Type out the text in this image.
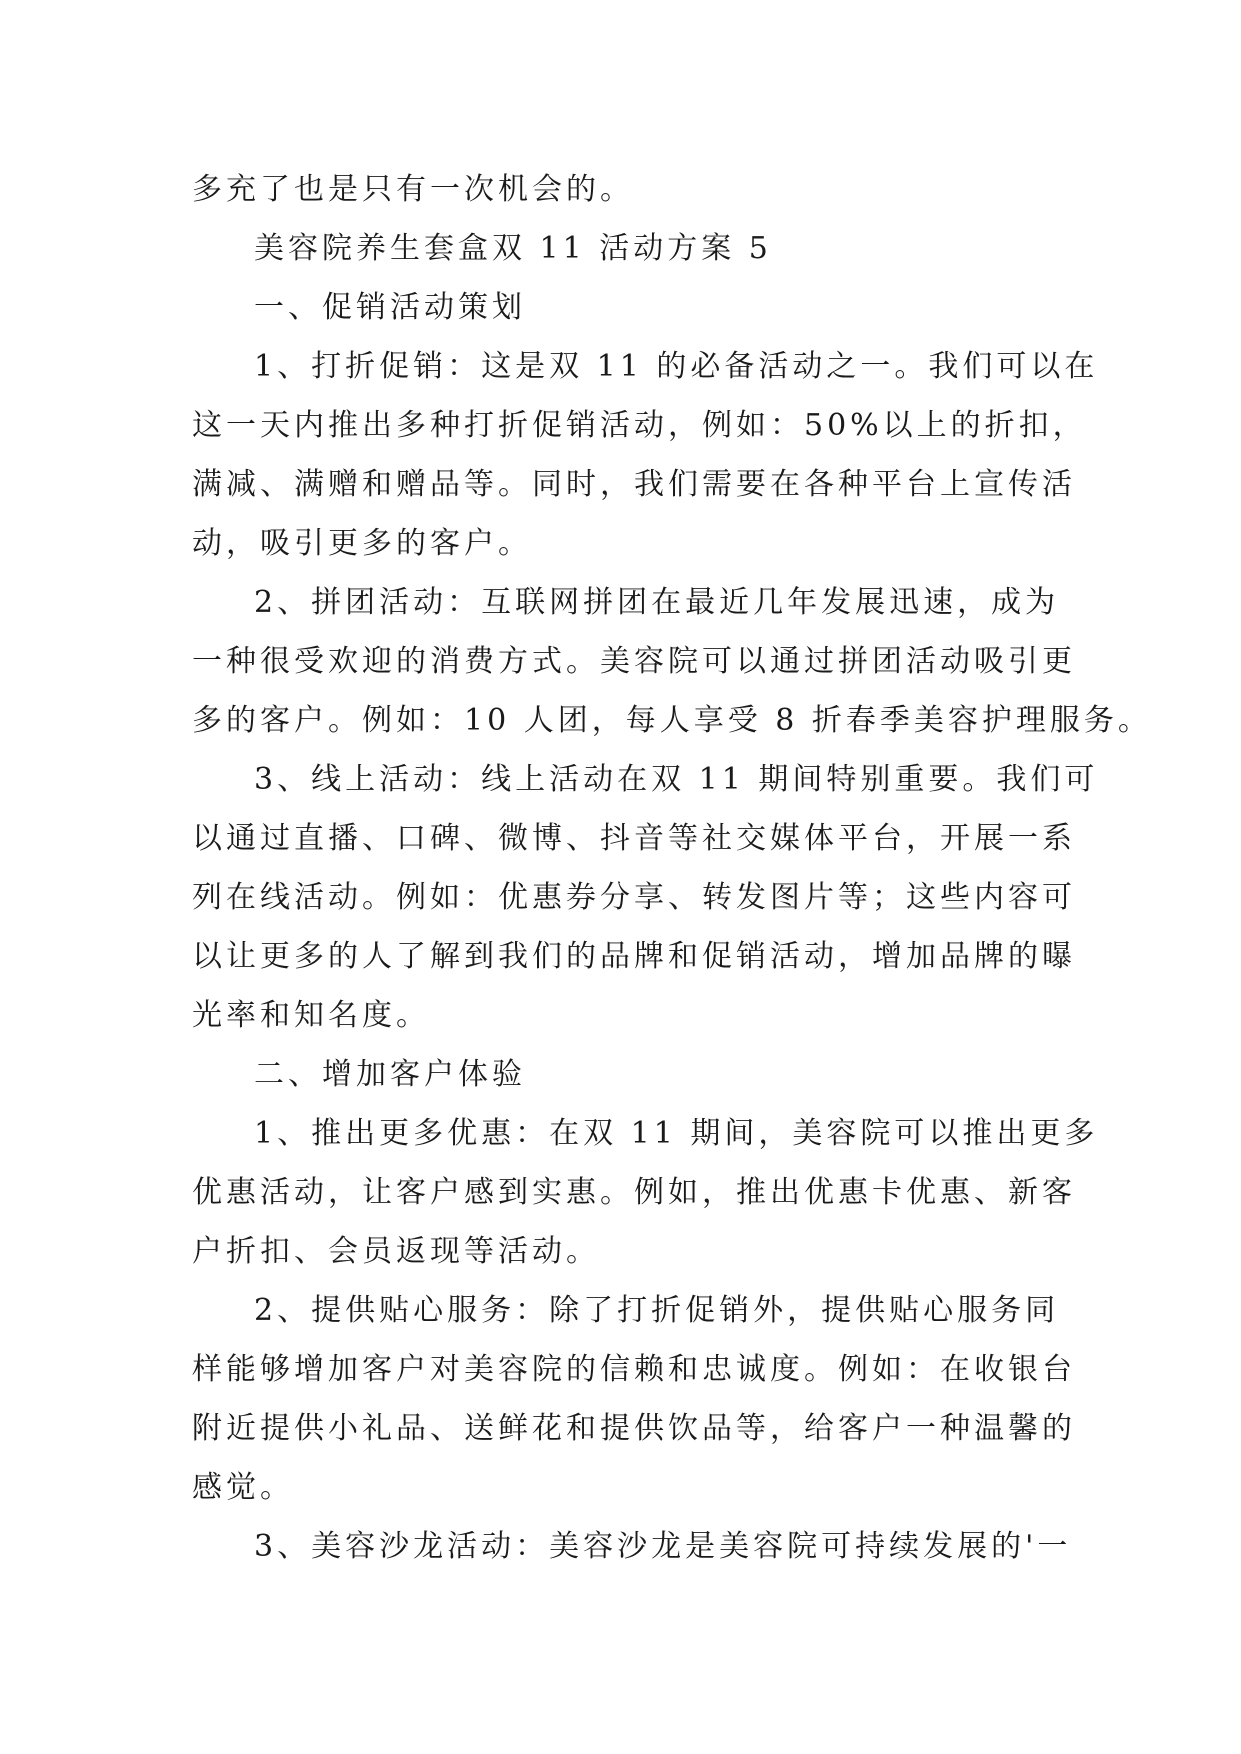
多充了也是只有一次机会的。
美容院养生套盒双 11 活动方案 5
一、促销活动策划
1、打折促销：这是双 11 的必备活动之一。我们可以在
这一天内推出多种打折促销活动，例如：50%以上的折扣，
满减、满赠和赠品等。同时，我们需要在各种平台上宣传活
动，吸引更多的客户。
2、拼团活动：互联网拼团在最近几年发展迅速，成为
一种很受欢迎的消费方式。美容院可以通过拼团活动吸引更
多的客户。例如：10 人团，每人享受 8 折春季美容护理服务。
3、线上活动：线上活动在双 11 期间特别重要。我们可
以通过直播、口碑、微博、抖音等社交媒体平台，开展一系
列在线活动。例如：优惠券分享、转发图片等；这些内容可
以让更多的人了解到我们的品牌和促销活动，增加品牌的曝
光率和知名度。
二、增加客户体验
1、推出更多优惠：在双 11 期间，美容院可以推出更多
优惠活动，让客户感到实惠。例如，推出优惠卡优惠、新客
户折扣、会员返现等活动。
2、提供贴心服务：除了打折促销外，提供贴心服务同
样能够增加客户对美容院的信赖和忠诚度。例如：在收银台
附近提供小礼品、送鲜花和提供饮品等，给客户一种温馨的
感觉。
3、美容沙龙活动：美容沙龙是美容院可持续发展的'一
